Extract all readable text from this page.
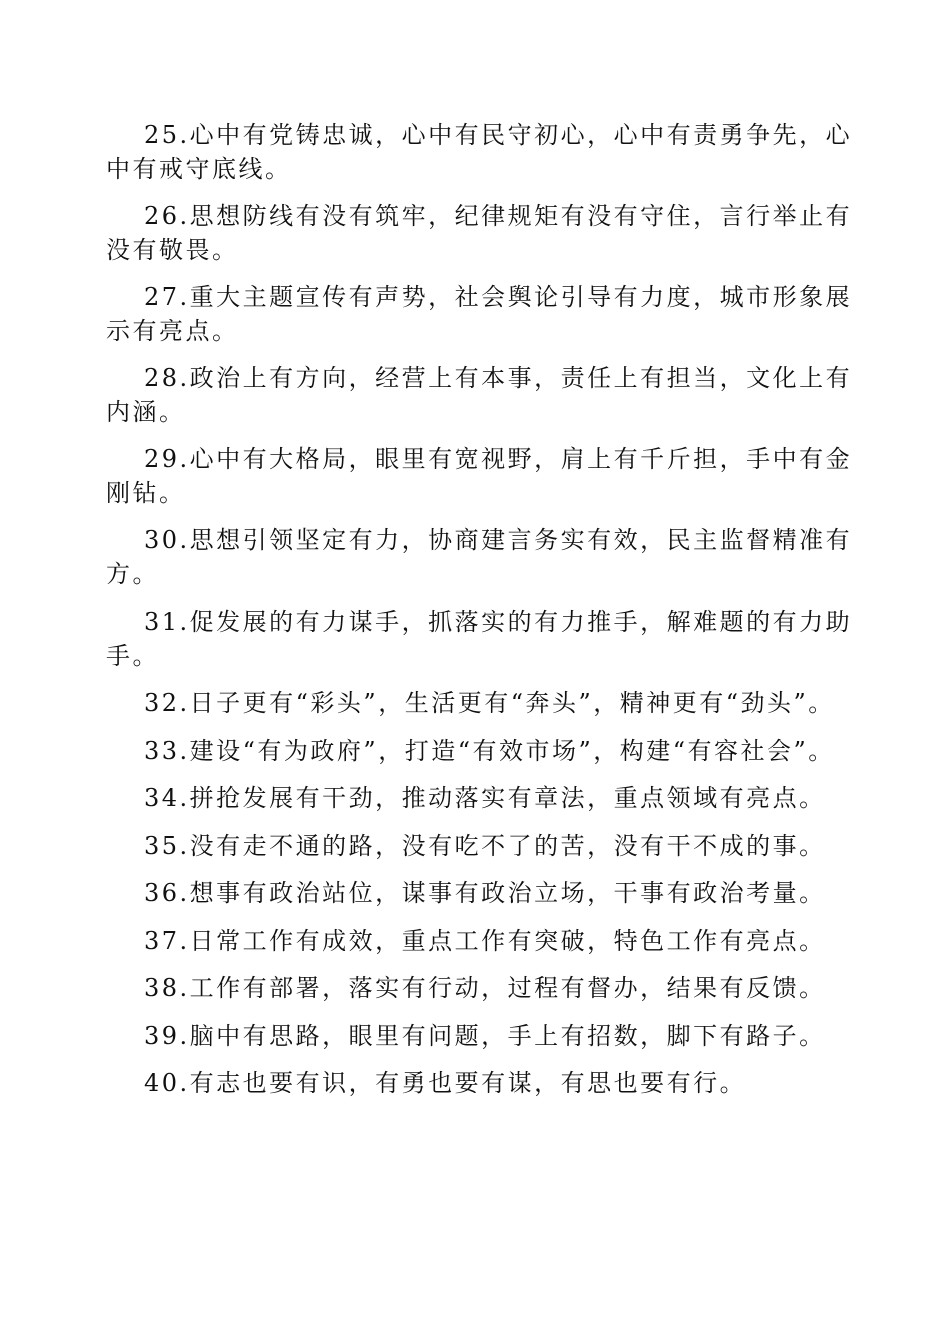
25.心中有党铸忠诚，心中有民守初心，心中有责勇争先，心中有戒守底线。

26.思想防线有没有筑牢，纪律规矩有没有守住，言行举止有没有敬畏。

27.重大主题宣传有声势，社会舆论引导有力度，城市形象展示有亮点。

28.政治上有方向，经营上有本事，责任上有担当，文化上有内涵。

29.心中有大格局，眼里有宽视野，肩上有千斤担，手中有金刚钻。

30.思想引领坚定有力，协商建言务实有效，民主监督精准有方。

31.促发展的有力谋手，抓落实的有力推手，解难题的有力助手。

32.日子更有“彩头”，生活更有“奔头”，精神更有“劲头”。

33.建设“有为政府”，打造“有效市场”，构建“有容社会”。

34.拼抢发展有干劲，推动落实有章法，重点领域有亮点。

35.没有走不通的路，没有吃不了的苦，没有干不成的事。

36.想事有政治站位，谋事有政治立场，干事有政治考量。

37.日常工作有成效，重点工作有突破，特色工作有亮点。

38.工作有部署，落实有行动，过程有督办，结果有反馈。

39.脑中有思路，眼里有问题，手上有招数，脚下有路子。

40.有志也要有识，有勇也要有谋，有思也要有行。
